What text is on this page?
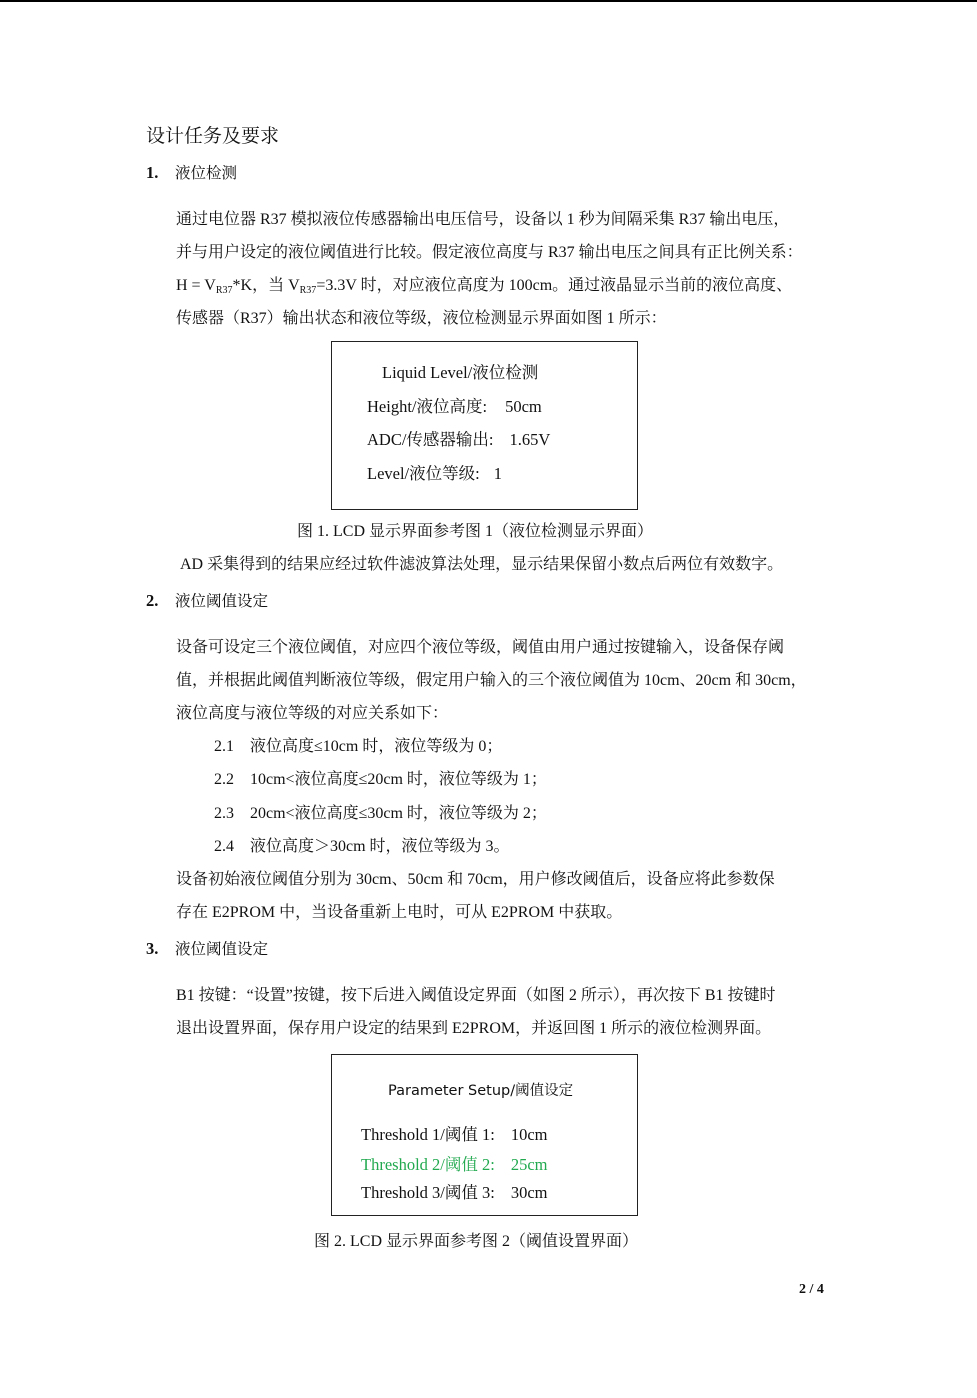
设计任务及要求
1. 液位检测
通过电位器 R37 模拟液位传感器输出电压信号，设备以 1 秒为间隔采集 R37 输出电压，
并与用户设定的液位阈值进行比较。假定液位高度与 R37 输出电压之间具有正比例关系：
$H = V_{R37}*K$，当 $V_{R37}=3.3V$ 时，对应液位高度为 100cm。通过液晶显示当前的液位高度、
传感器（R37）输出状态和液位等级，液位检测显示界面如图 1 所示：
Liquid Level/液位检测
Height/液位高度: 50cm
ADC/传感器输出: 1.65V
Level/液位等级: 1
图 1. LCD 显示界面参考图 1（液位检测显示界面）
AD 采集得到的结果应经过软件滤波算法处理，显示结果保留小数点后两位有效数字。
2. 液位阈值设定
设备可设定三个液位阈值，对应四个液位等级，阈值由用户通过按键输入，设备保存阈
值，并根据此阈值判断液位等级，假定用户输入的三个液位阈值为 10cm、20cm 和 30cm，
液位高度与液位等级的对应关系如下：
2.1 液位高度≤10cm 时，液位等级为 0；
2.2 10cm<液位高度≤20cm 时，液位等级为 1；
2.3 20cm<液位高度≤30cm 时，液位等级为 2；
2.4 液位高度＞30cm 时，液位等级为 3。
设备初始液位阈值分别为 30cm、50cm 和 70cm，用户修改阈值后，设备应将此参数保
存在 E2PROM 中，当设备重新上电时，可从 E2PROM 中获取。
3. 液位阈值设定
B1 按键：“设置”按键，按下后进入阈值设定界面（如图 2 所示），再次按下 B1 按键时
退出设置界面，保存用户设定的结果到 E2PROM，并返回图 1 所示的液位检测界面。
Parameter Setup/阈值设定
Threshold 1/阈值 1: 10cm
Threshold 2/阈值 2: 25cm
Threshold 3/阈值 3: 30cm
图 2. LCD 显示界面参考图 2（阈值设置界面）
2 / 4
